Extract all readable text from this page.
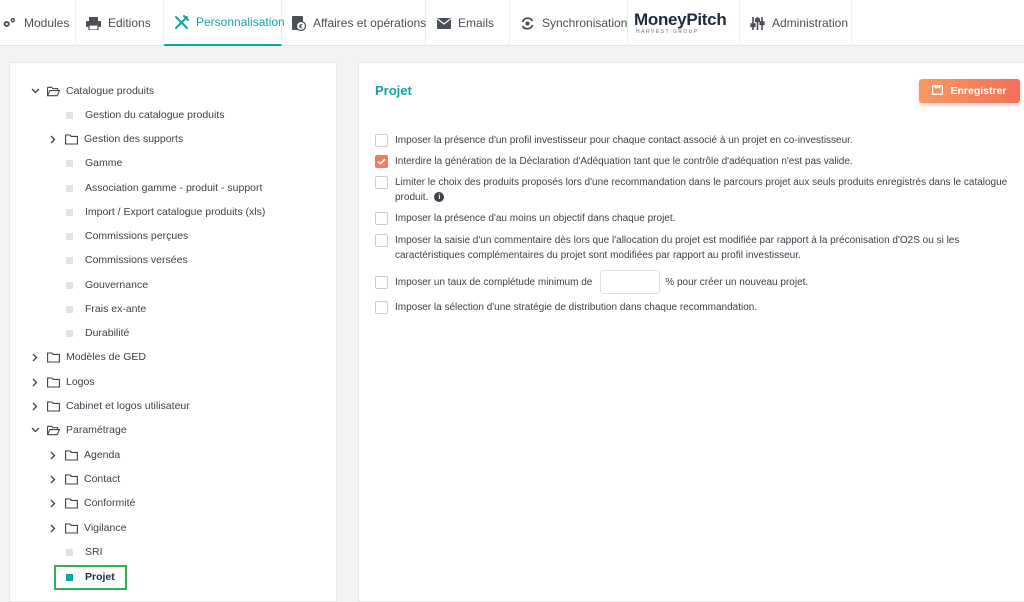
Modules	Editions	Personnalisation € Affaires et opérations	Emails	Synchronisation MoneyPitch
HARVEST GROUP
Administration
Catalogue produits
Gestion du catalogue produits
Gestion des supports
Gamme
Association gamme - produit - support
Import / Export catalogue produits (xls)
Commissions perçues
Commissions versées
Gouvernance
Frais ex-ante
Durabilité
Modèles de GED
Logos
Cabinet et logos utilisateur
Paramétrage
Agenda
Contact
Conformité
Vigilance
SRI
Projet
Projet	Enregistrer
Imposer la présence d'un profil investisseur pour chaque contact associé à un projet en co-investisseur.
Interdire la génération de la Déclaration d'Adéquation tant que le contrôle d'adéquation n'est pas valide.
Limiter le choix des produits proposés lors d'une recommandation dans le parcours projet aux seuls produits enregistrés dans le catalogue produit. i
Imposer la présence d'au moins un objectif dans chaque projet.
Imposer la saisie d'un commentaire dès lors que l'allocation du projet est modifiée par rapport à la préconisation d'O2S ou si les caractéristiques complémentaires du projet sont modifiées par rapport au profil investisseur.
Imposer un taux de complétude minimum de	% pour créer un nouveau projet.
Imposer la sélection d'une stratégie de distribution dans chaque recommandation.
